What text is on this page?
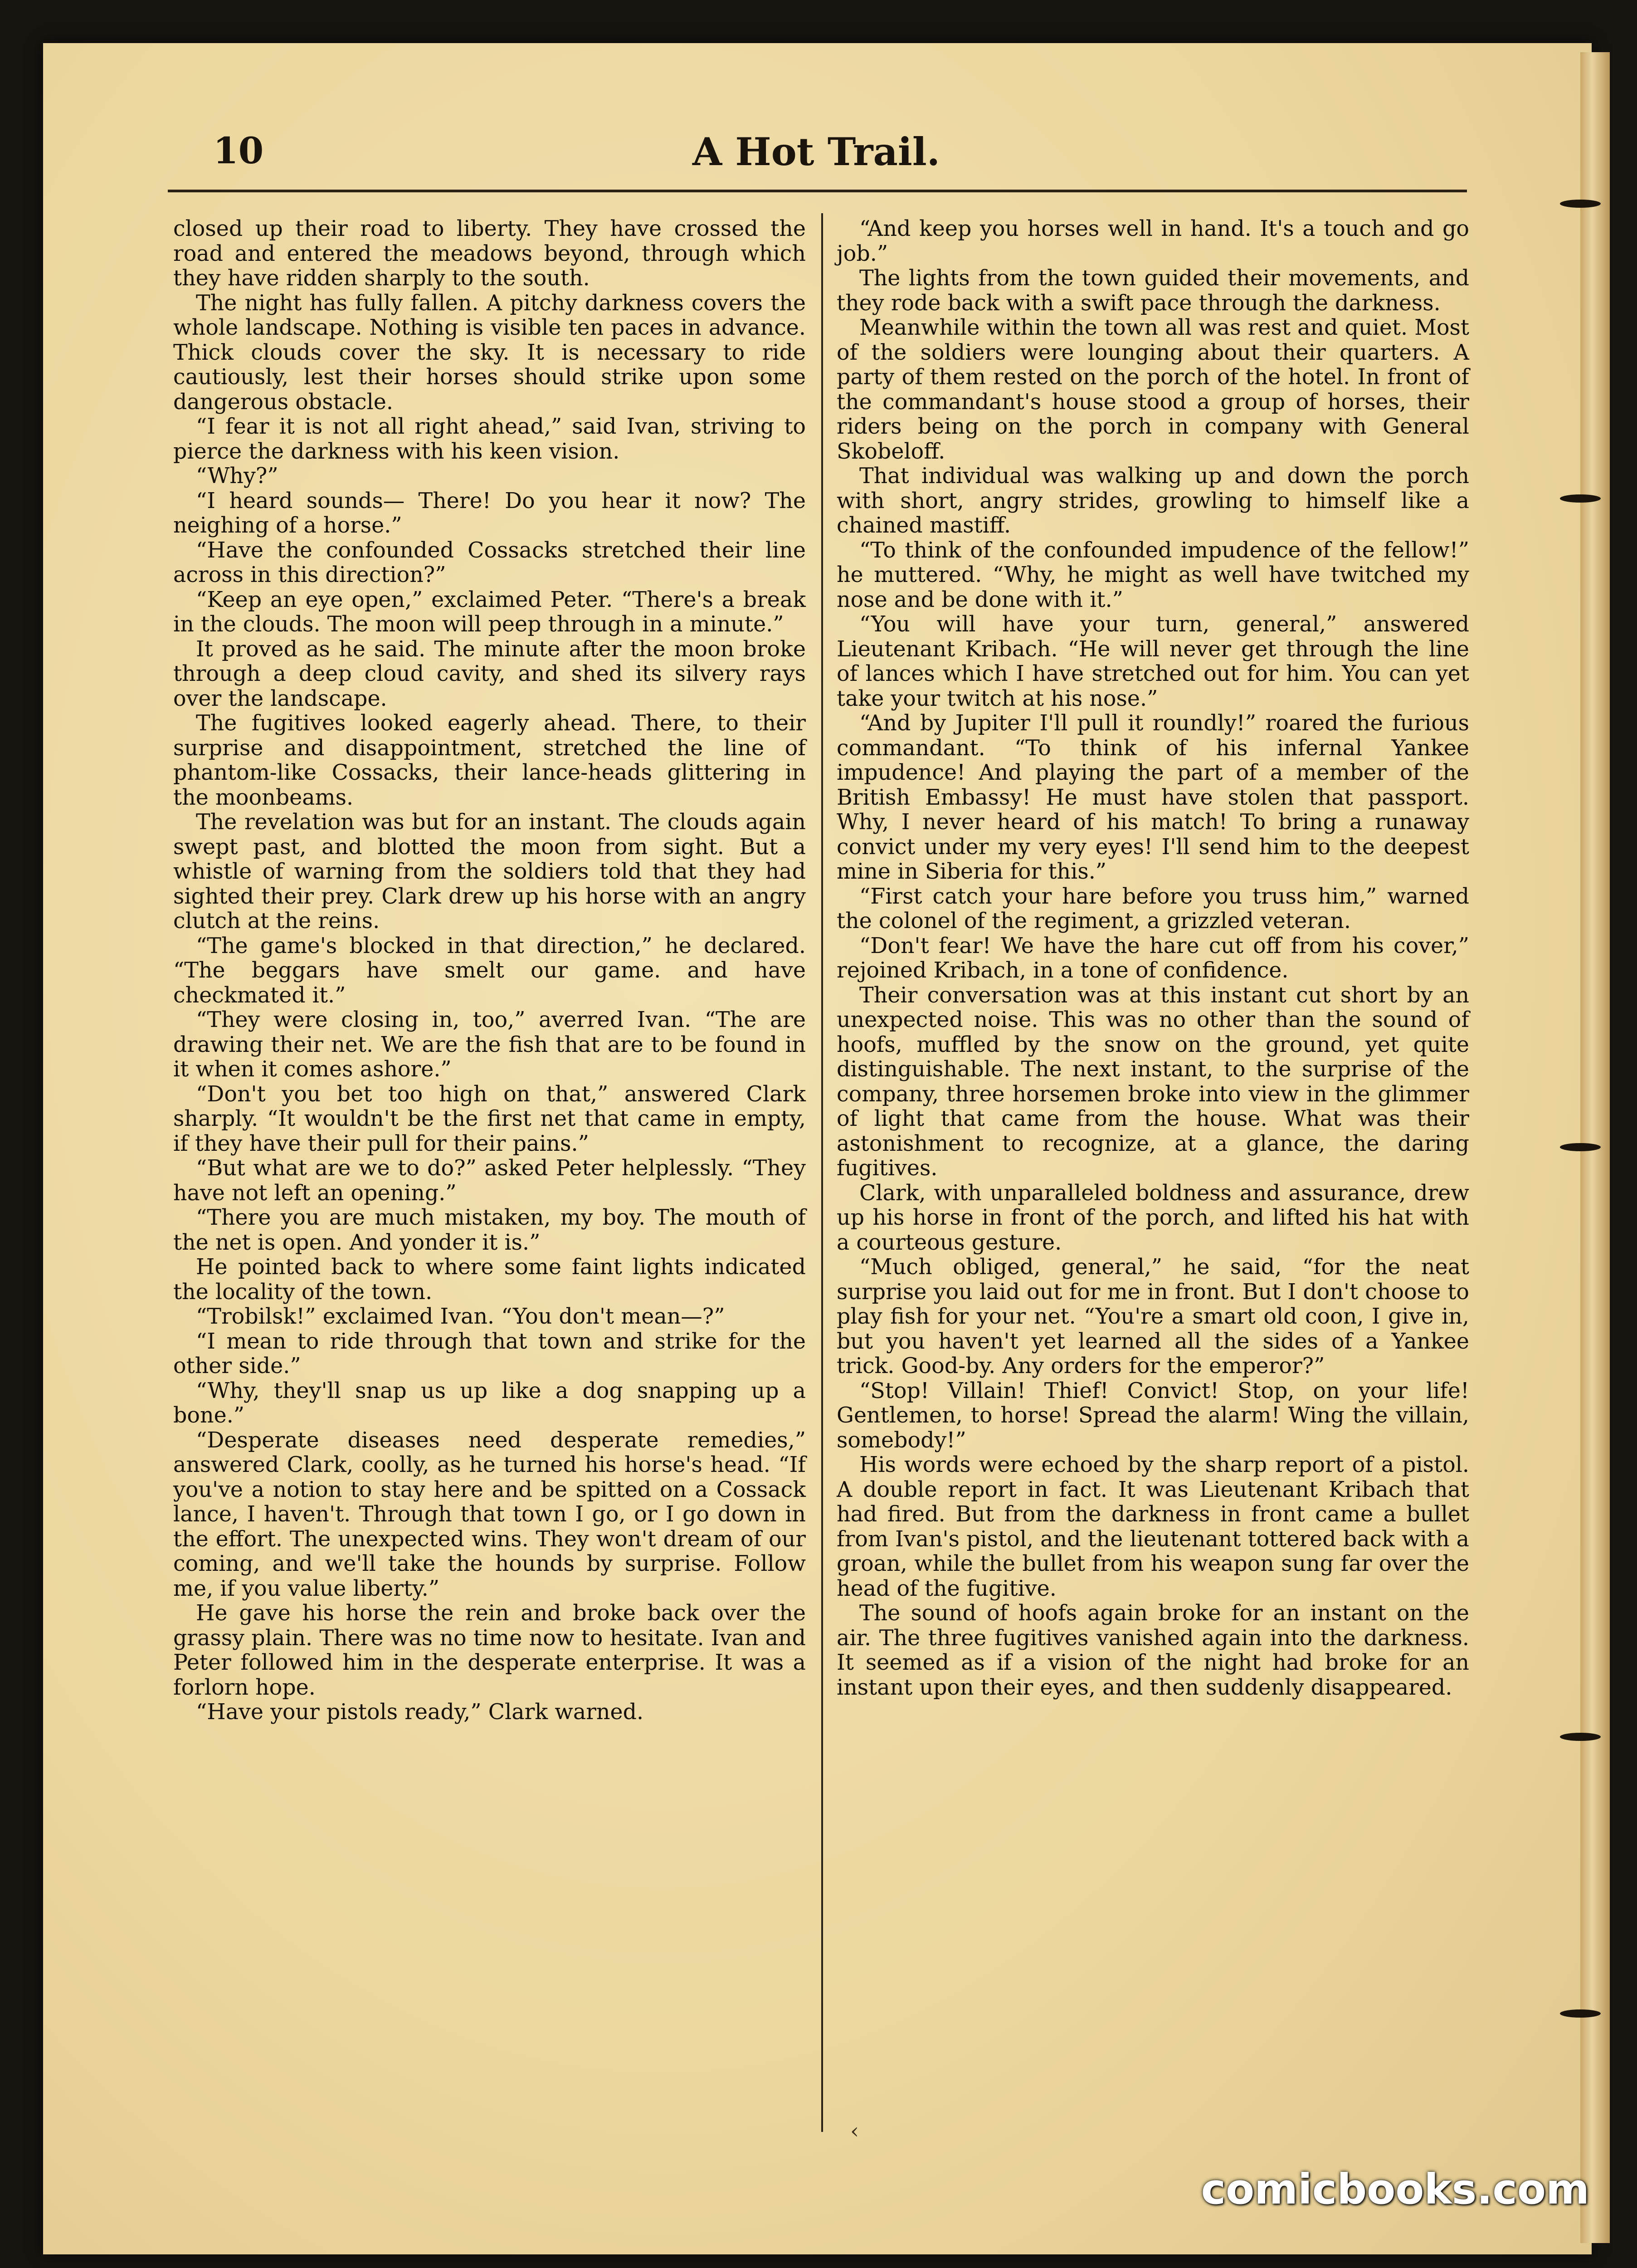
10	A Hot Trail.

closed up their road to liberty. They have crossed the road and entered the meadows beyond, through which they have ridden sharply to the south.

The night has fully fallen. A pitchy darkness covers the whole landscape. Nothing is visible ten paces in advance. Thick clouds cover the sky. It is necessary to ride cautiously, lest their horses should strike upon some dangerous obstacle.

“I fear it is not all right ahead,” said Ivan, striving to pierce the darkness with his keen vision.

“Why?”

“I heard sounds— There! Do you hear it now? The neighing of a horse.”

“Have the confounded Cossacks stretched their line across in this direction?”

“Keep an eye open,” exclaimed Peter. “There's a break in the clouds. The moon will peep through in a minute.”

It proved as he said. The minute after the moon broke through a deep cloud cavity, and shed its silvery rays over the landscape.

The fugitives looked eagerly ahead. There, to their surprise and disappointment, stretched the line of phantom-like Cossacks, their lance-heads glittering in the moonbeams.

The revelation was but for an instant. The clouds again swept past, and blotted the moon from sight. But a whistle of warning from the soldiers told that they had sighted their prey. Clark drew up his horse with an angry clutch at the reins.

“The game's blocked in that direction,” he declared. “The beggars have smelt our game. and have checkmated it.”

“They were closing in, too,” averred Ivan. “The are drawing their net. We are the fish that are to be found in it when it comes ashore.”

“Don't you bet too high on that,” answered Clark sharply. “It wouldn't be the first net that came in empty, if they have their pull for their pains.”

“But what are we to do?” asked Peter helplessly. “They have not left an opening.”

“There you are much mistaken, my boy. The mouth of the net is open. And yonder it is.”

He pointed back to where some faint lights indicated the locality of the town.

“Trobilsk!” exclaimed Ivan. “You don't mean—?”

“I mean to ride through that town and strike for the other side.”

“Why, they'll snap us up like a dog snapping up a bone.”

“Desperate diseases need desperate remedies,” answered Clark, coolly, as he turned his horse's head. “If you've a notion to stay here and be spitted on a Cossack lance, I haven't. Through that town I go, or I go down in the effort. The unexpected wins. They won't dream of our coming, and we'll take the hounds by surprise. Follow me, if you value liberty.”

He gave his horse the rein and broke back over the grassy plain. There was no time now to hesitate. Ivan and Peter followed him in the desperate enterprise. It was a forlorn hope.

“Have your pistols ready,” Clark warned.

“And keep you horses well in hand. It's a touch and go job.”

The lights from the town guided their movements, and they rode back with a swift pace through the darkness.

Meanwhile within the town all was rest and quiet. Most of the soldiers were lounging about their quarters. A party of them rested on the porch of the hotel. In front of the commandant's house stood a group of horses, their riders being on the porch in company with General Skobeloff.

That individual was walking up and down the porch with short, angry strides, growling to himself like a chained mastiff.

“To think of the confounded impudence of the fellow!” he muttered. “Why, he might as well have twitched my nose and be done with it.”

“You will have your turn, general,” answered Lieutenant Kribach. “He will never get through the line of lances which I have stretched out for him. You can yet take your twitch at his nose.”

“And by Jupiter I'll pull it roundly!” roared the furious commandant. “To think of his infernal Yankee impudence! And playing the part of a member of the British Embassy! He must have stolen that passport. Why, I never heard of his match! To bring a runaway convict under my very eyes! I'll send him to the deepest mine in Siberia for this.”

“First catch your hare before you truss him,” warned the colonel of the regiment, a grizzled veteran.

“Don't fear! We have the hare cut off from his cover,” rejoined Kribach, in a tone of confidence.

Their conversation was at this instant cut short by an unexpected noise. This was no other than the sound of hoofs, muffled by the snow on the ground, yet quite distinguishable. The next instant, to the surprise of the company, three horsemen broke into view in the glimmer of light that came from the house. What was their astonishment to recognize, at a glance, the daring fugitives.

Clark, with unparalleled boldness and assurance, drew up his horse in front of the porch, and lifted his hat with a courteous gesture.

“Much obliged, general,” he said, “for the neat surprise you laid out for me in front. But I don't choose to play fish for your net. “You're a smart old coon, I give in, but you haven't yet learned all the sides of a Yankee trick. Good-by. Any orders for the emperor?”

“Stop! Villain! Thief! Convict! Stop, on your life! Gentlemen, to horse! Spread the alarm! Wing the villain, somebody!”

His words were echoed by the sharp report of a pistol. A double report in fact. It was Lieutenant Kribach that had fired. But from the darkness in front came a bullet from Ivan's pistol, and the lieutenant tottered back with a groan, while the bullet from his weapon sung far over the head of the fugitive.

The sound of hoofs again broke for an instant on the air. The three fugitives vanished again into the darkness. It seemed as if a vision of the night had broke for an instant upon their eyes, and then suddenly disappeared.

‹
comicbooks.com
